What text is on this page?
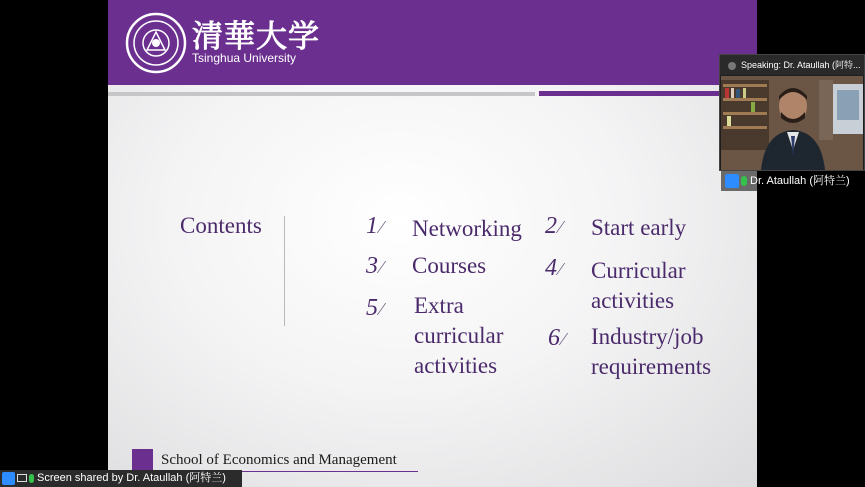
清華大学
Tsinghua University
Contents	1 ⁄ Networking 2 ⁄ Start early
3 ⁄ Courses 4 ⁄ Curricular
activities
5 ⁄ Extra
curricular
activities
6 ⁄ Industry/job
requirements
School of Economics and Management
Speaking: Dr. Ataullah (阿特...
Dr. Ataullah (阿特兰)
Screen shared by Dr. Ataullah (阿特兰)
